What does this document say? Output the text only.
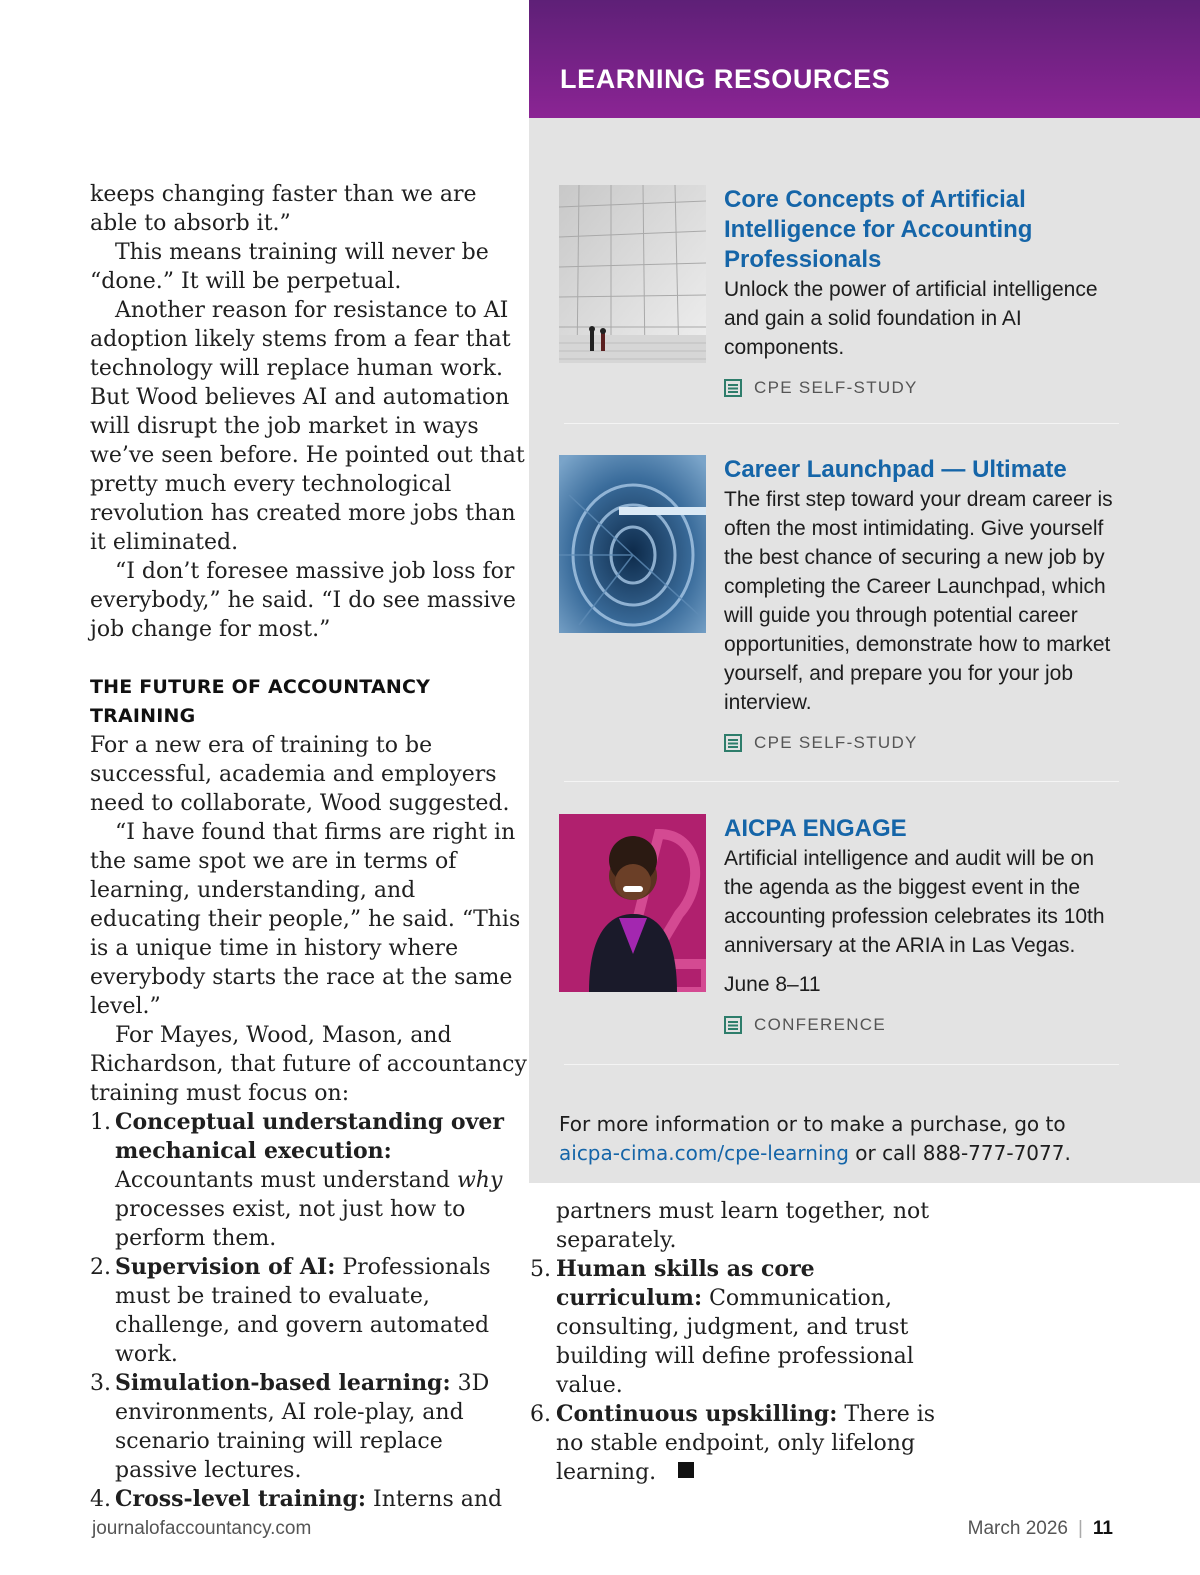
keeps changing faster than we are able to absorb it.”

This means training will never be “done.” It will be perpetual.

Another reason for resistance to AI adoption likely stems from a fear that technology will replace human work. But Wood believes AI and automation will disrupt the job market in ways we’ve seen before. He pointed out that pretty much every technological revolution has created more jobs than it eliminated.

“I don’t foresee massive job loss for everybody,” he said. “I do see massive job change for most.”

THE FUTURE OF ACCOUNTANCY TRAINING

For a new era of training to be successful, academia and employers need to collaborate, Wood suggested.

“I have found that firms are right in the same spot we are in terms of learning, understanding, and educating their people,” he said. “This is a unique time in history where everybody starts the race at the same level.”

For Mayes, Wood, Mason, and Richardson, that future of accountancy training must focus on:

1. Conceptual understanding over mechanical execution: Accountants must understand why processes exist, not just how to perform them.
2. Supervision of AI: Professionals must be trained to evaluate, challenge, and govern automated work.
3. Simulation-based learning: 3D environments, AI role-play, and scenario training will replace passive lectures.
4. Cross-level training: Interns and
LEARNING RESOURCES
Core Concepts of Artificial Intelligence for Accounting Professionals
Unlock the power of artificial intelligence and gain a solid foundation in AI components.
CPE SELF-STUDY
Career Launchpad — Ultimate
The first step toward your dream career is often the most intimidating. Give yourself the best chance of securing a new job by completing the Career Launchpad, which will guide you through potential career opportunities, demonstrate how to market yourself, and prepare you for your job interview.
CPE SELF-STUDY
AICPA ENGAGE
Artificial intelligence and audit will be on the agenda as the biggest event in the accounting profession celebrates its 10th anniversary at the ARIA in Las Vegas.
June 8–11
CONFERENCE
For more information or to make a purchase, go to
aicpa-cima.com/cpe-learning or call 888-777-7077.

partners must learn together, not separately.

5. Human skills as core curriculum: Communication, consulting, judgment, and trust building will define professional value.
6. Continuous upskilling: There is no stable endpoint, only lifelong learning.
journalofaccountancy.com	March 2026 | 11
